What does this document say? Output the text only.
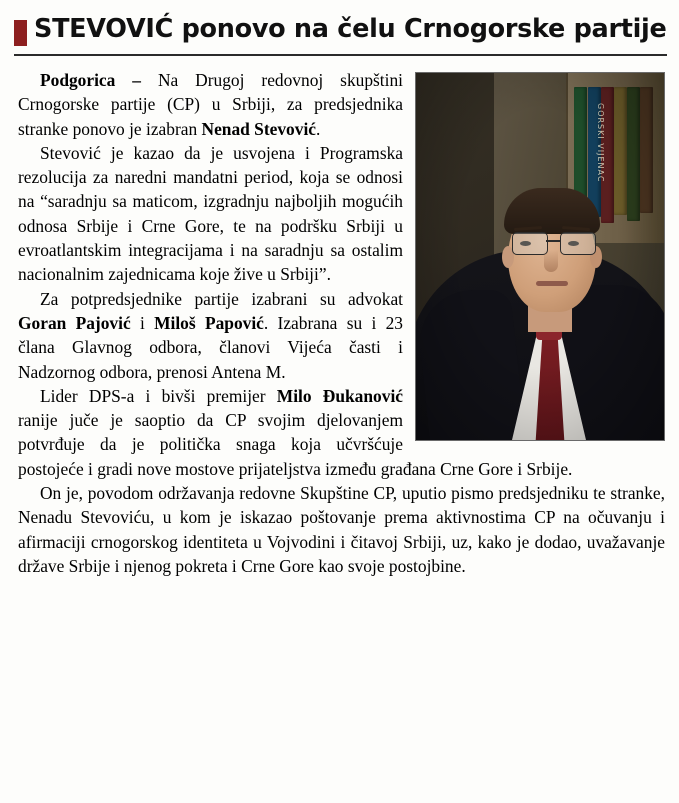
STEVOVIĆ ponovo na čelu Crnogorske partije

Podgorica – Na Drugoj redovnoj skupštini Crnogorske partije (CP) u Srbiji, za predsjednika stranke ponovo je izabran Nenad Stevović.

Stevović je kazao da je usvojena i Programska rezolucija za naredni mandatni period, koja se odnosi na “saradnju sa maticom, izgradnju najboljih mogućih odnosa Srbije i Crne Gore, te na podršku Srbiji u evroatlantskim integracijama i na saradnju sa ostalim nacionalnim zajednicama koje žive u Srbiji”.

Za potpredsjednike partije izabrani su advokat Goran Pajović i Miloš Papović. Izabrana su i 23 člana Glavnog odbora, članovi Vijeća časti i Nadzornog odbora, prenosi Antena M.

Lider DPS-a i bivši premijer Milo Đukanović ranije juče je saoptio da CP svojim djelovanjem potvrđuje da je politička snaga koja učvršćuje postojeće i gradi nove mostove prijateljstva između građana Crne Gore i Srbije.

On je, povodom održavanja redovne Skupštine CP, uputio pismo predsjedniku te stranke, Nenadu Stevoviću, u kom je iskazao poštovanje prema aktivnostima CP na očuvanju i afirmaciji crnogorskog identiteta u Vojvodini i čitavoj Srbiji, uz, kako je dodao, uvažavanje države Srbije i njenog pokreta i Crne Gore kao svoje postojbine.
